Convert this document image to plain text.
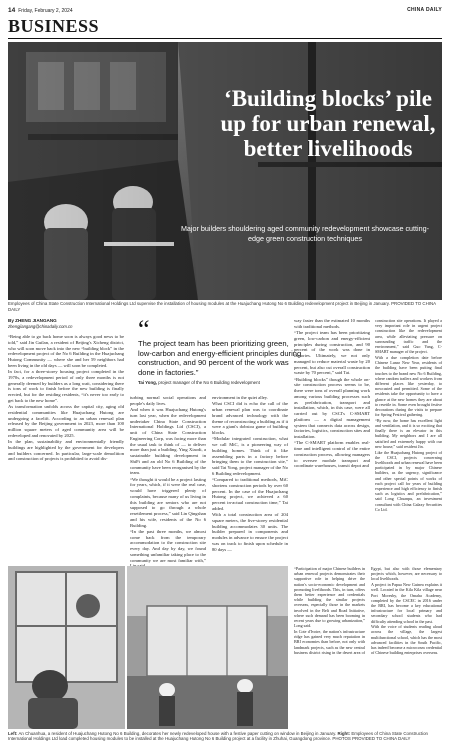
14 Friday, February 2, 2024	CHINA DAILY
BUSINESS
‘Building blocks’ pile up for urban renewal, better livelihoods
Major builders shouldering aged community redevelopment showcase cutting-edge green construction techniques
Employees of China State Construction International Holdings Ltd supervise the installation of housing modules at the Huajuchang Hutong No 6 Building redevelopment project in Beijing in January. PROVIDED TO CHINA DAILY

By ZHENG JIANGANG

zhengjiangang@chinadaily.com.cn

“Being able to go back home soon is always good news to be told,” said Jin Guilan, a resident of Beijing's Xicheng district, who will soon move back into the new “building block” in the redevelopment project of the No 6 Building in the Huajuchang Hutong Community — where she and her 59 neighbors had been living in the old days — will soon be completed.

In fact, for a three-storey housing project completed in the 1970s, a redevelopment period of only three months is not generally deemed by builders as a long wait, considering there is tons of work to finish before the new building is finally erected, but for the residing residents, “it's never too early to get back to the new home”.

As transformation unfolds across the capital city, aging old residential communities like Huajuchang Hutong are undergoing a facelift. According to an urban renewal plan released by the Beijing government in 2023, more than 100 million square meters of aged community area will be redeveloped and renovated by 2025.

In the plan, sustainability and environmentally friendly buildings are highlighted by the government for developers and builders concerned. In particular, large-scale demolition and construction of projects is prohibited to avoid dis-

“
The project team has been prioritizing green, low-carbon and energy-efficient principles during construction, and 90 percent of the work was done in factories.”
Tai Yong, project manager of the No 6 Building redevelopment

turbing normal social operations and people's daily lives.

And when it was Huajuchang Hutong's turn last year, when the redevelopment undertaker China State Construction International Holdings Ltd (CSCI), a unit of China State Construction Engineering Corp, was facing more than the usual task to think of — to deliver more than just a building. Ying Xiaodi, a sustainable building development in ShiFi and an old No 6 Building of the community have been reorganised by the team.

“We thought it would be a project lasting for years, which, if it were the real case, would have triggered plenty of complaints, because many of us living in this building are seniors who are not supposed to go through a whole resettlement process,” said Lin Qingshan and his wife, residents of the No 6 Building.

“In the past three months, we almost come back from the temporary accommodation to the construction site every day. And day by day, we found something unfamiliar taking place to the community we are most familiar with,”

environment in the quiet alley.

What CSCI did is echo the call of the urban renewal plan was to coordinate brand advanced technology with the theme of reconstructing a building as if it were a giant's dobstoa game of building blocks.

“Modular integrated construction, what we call MiC, is a pioneering way of building homes. Think of it like assembling parts in a factory before bringing them to the construction site,” said Tai Yong, project manager of the No 6 Building redevelopment.

“Compared to traditional methods, MiC shortens construction periods by over 60 percent. In the case of the Huajuchang Hutong project, we achieved a 60 percent in-actual construction time,” Tai added.

With a total construction area of 204 square meters, the five-storey residential building accommodates 30 units. The builder prepared in components and modules in advance to ensure the project was on track to finish upon schedule in 80 days —

way faster than the estimated 10 months with traditional methods.

“The project team has been prioritizing green, low-carbon and energy-efficient principles during construction, and 90 percent of the work was done in factories. Ultimately, we not only managed to reduce material waste by 20 percent, but also cut overall construction waste by 70 percent,” said Tai.

“Building blocks” though the whole on-site construction process seems to be, there were tons of overall planning work among various building processes such as prefabrication, transport and installation, which, in this case, were all carried out by CSCI's C-SMART platform — a digital management system that connects data across design, factories, logistics, construction sites and installation.

“The C-SMART platform enables real-time and intelligent control of the entire construction process, allowing managers to oversee module transport and coordinate warehouses, transit depot and

construction site operations. It played a very important role in urgent project construction like the redevelopment area, while alleviating pressure on surrounding traffic and the environment,” said Guo Yang, C-SMART manager of the project.

With a due completion date before Chinese Lunar New Year, residents of the building have been putting final touches to the brand new No 6 Building, where random trailers and workers from different places like yesterday, to nowcasted and permitted. Some of the residents take the opportunity to have a glance at the new homes they are about to resettle in. Some even brought festive decorations during the visits to prepare for Spring Festival gathering.

“By now, the home has excellent light and ventilation, and it is so exciting that finally there is an elevator in this building. My neighbors and I are all satisfied and extremely happy with our new house,” said resident Jin.

Like the Huajuchang Hutong project of the CSCI, projects concerning livelihoods and urban renewal have been participated in by major Chinese builders, as the urgency, significance and other special points of works of each project call for years of building experience and high efficiency to finish such as logistics and prefabrication,” said Long Chuanpu, an investment consultant with China Galaxy Securities Co Ltd.

“Participation of major Chinese builders in urban renewal projects demonstrates their supportive role in helping drive the nation's socio-economic development and promoting livelihoods. This, in turn, offers them better experience and credentials while building the similar projects overseas, especially those in the markets involved in the Belt and Road Initiative, where such demand has been booming in recent years due to growing urbanization,” Long said.

In Cote d'Ivoire, the nation's infrastructure ridge has gained very much reputation in BRI economies than before, not only with landmark projects, such as the new central business district rising in the desert area of Egypt, but also with those elementary projects which, however, are necessary to local livelihoods.

A project in Papua New Guinea explains it well. Located in the Kila Kila village near Port Moresby, the Omaha Academy, completed by the CSCEC in 2016 under the BRI, has become a key educational infrastructure for local primary and secondary school students who had difficulty attending school in the past.

With the voice of students reading aloud across the village, the largest multifunctional school, which has the most advanced facilities in the South Pacific, has indeed become a microcosm credential of Chinese building enterprises overseas.

Left: An Chuanhua, a resident of Huajuchang Hutong No 6 Building, decorates her newly redeveloped house with a festive paper cutting on window in Beijing in January. Right: Employees of China State Construction International Holdings Ltd load completed housing modules to be installed at the Huajuchang Hutong No 6 Building project at a facility in Zhuhai, Guangdong province. PHOTOS PROVIDED TO CHINA DAILY
